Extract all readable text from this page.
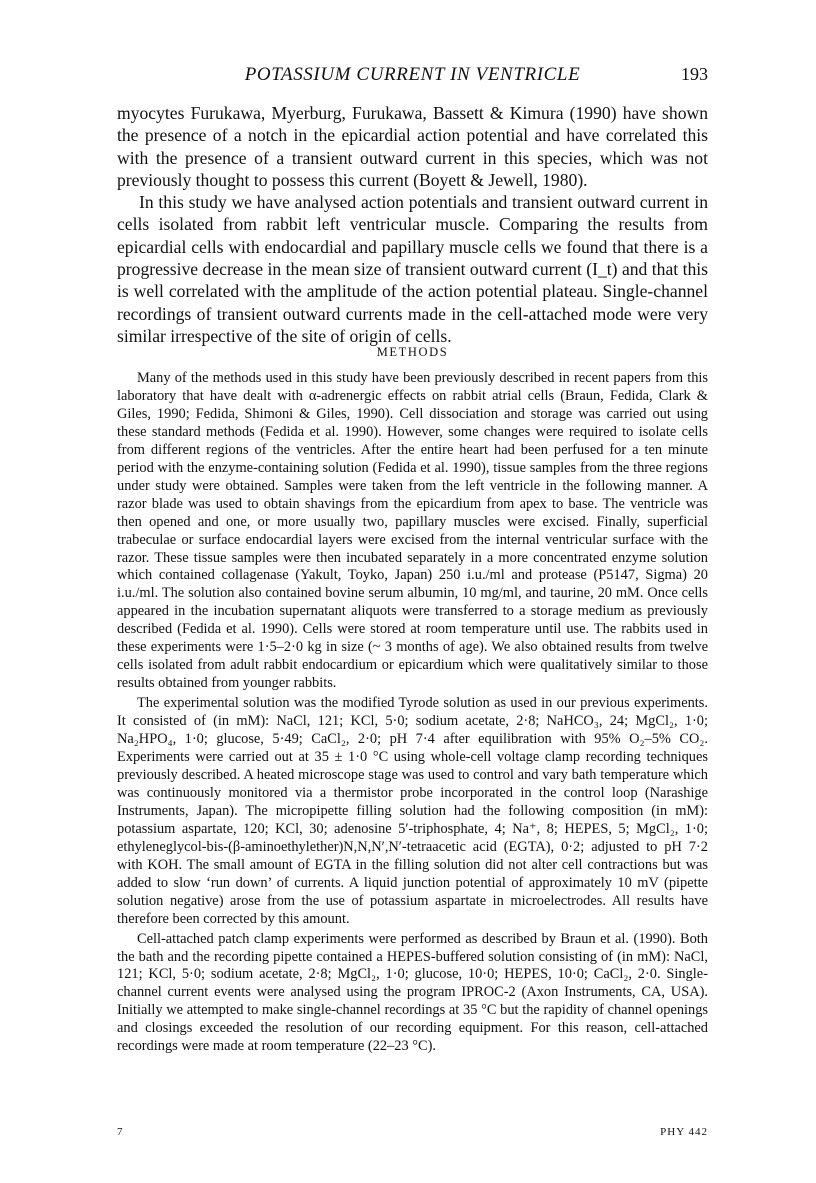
POTASSIUM CURRENT IN VENTRICLE	193

myocytes Furukawa, Myerburg, Furukawa, Bassett & Kimura (1990) have shown the presence of a notch in the epicardial action potential and have correlated this with the presence of a transient outward current in this species, which was not previously thought to possess this current (Boyett & Jewell, 1980).

In this study we have analysed action potentials and transient outward current in cells isolated from rabbit left ventricular muscle. Comparing the results from epicardial cells with endocardial and papillary muscle cells we found that there is a progressive decrease in the mean size of transient outward current (I_t) and that this is well correlated with the amplitude of the action potential plateau. Single-channel recordings of transient outward currents made in the cell-attached mode were very similar irrespective of the site of origin of cells.

METHODS

Many of the methods used in this study have been previously described in recent papers from this laboratory that have dealt with α-adrenergic effects on rabbit atrial cells (Braun, Fedida, Clark & Giles, 1990; Fedida, Shimoni & Giles, 1990). Cell dissociation and storage was carried out using these standard methods (Fedida et al. 1990). However, some changes were required to isolate cells from different regions of the ventricles. After the entire heart had been perfused for a ten minute period with the enzyme-containing solution (Fedida et al. 1990), tissue samples from the three regions under study were obtained. Samples were taken from the left ventricle in the following manner. A razor blade was used to obtain shavings from the epicardium from apex to base. The ventricle was then opened and one, or more usually two, papillary muscles were excised. Finally, superficial trabeculae or surface endocardial layers were excised from the internal ventricular surface with the razor. These tissue samples were then incubated separately in a more concentrated enzyme solution which contained collagenase (Yakult, Toyko, Japan) 250 i.u./ml and protease (P5147, Sigma) 20 i.u./ml. The solution also contained bovine serum albumin, 10 mg/ml, and taurine, 20 mM. Once cells appeared in the incubation supernatant aliquots were transferred to a storage medium as previously described (Fedida et al. 1990). Cells were stored at room temperature until use. The rabbits used in these experiments were 1·5–2·0 kg in size (~ 3 months of age). We also obtained results from twelve cells isolated from adult rabbit endocardium or epicardium which were qualitatively similar to those results obtained from younger rabbits.

The experimental solution was the modified Tyrode solution as used in our previous experiments. It consisted of (in mM): NaCl, 121; KCl, 5·0; sodium acetate, 2·8; NaHCO₃, 24; MgCl₂, 1·0; Na₂HPO₄, 1·0; glucose, 5·49; CaCl₂, 2·0; pH 7·4 after equilibration with 95% O₂–5% CO₂. Experiments were carried out at 35 ± 1·0 °C using whole-cell voltage clamp recording techniques previously described. A heated microscope stage was used to control and vary bath temperature which was continuously monitored via a thermistor probe incorporated in the control loop (Narashige Instruments, Japan). The micropipette filling solution had the following composition (in mM): potassium aspartate, 120; KCl, 30; adenosine 5′-triphosphate, 4; Na⁺, 8; HEPES, 5; MgCl₂, 1·0; ethyleneglycol-bis-(β-aminoethylether)N,N,N′,N′-tetraacetic acid (EGTA), 0·2; adjusted to pH 7·2 with KOH. The small amount of EGTA in the filling solution did not alter cell contractions but was added to slow ‘run down’ of currents. A liquid junction potential of approximately 10 mV (pipette solution negative) arose from the use of potassium aspartate in microelectrodes. All results have therefore been corrected by this amount.

Cell-attached patch clamp experiments were performed as described by Braun et al. (1990). Both the bath and the recording pipette contained a HEPES-buffered solution consisting of (in mM): NaCl, 121; KCl, 5·0; sodium acetate, 2·8; MgCl₂, 1·0; glucose, 10·0; HEPES, 10·0; CaCl₂, 2·0. Single-channel current events were analysed using the program IPROC-2 (Axon Instruments, CA, USA). Initially we attempted to make single-channel recordings at 35 °C but the rapidity of channel openings and closings exceeded the resolution of our recording equipment. For this reason, cell-attached recordings were made at room temperature (22–23 °C).

7	PHY 442
